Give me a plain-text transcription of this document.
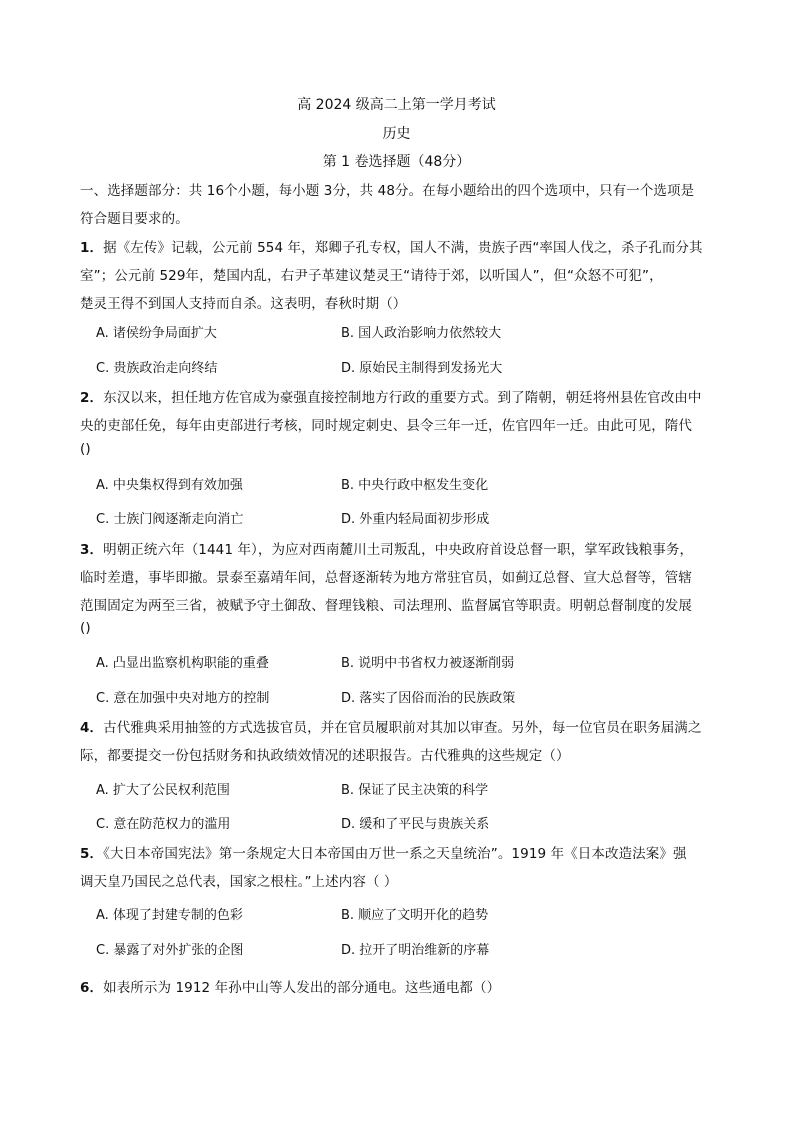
高 2024 级高二上第一学月考试
历史
第 1 卷选择题（48分）
一、选择题部分：共 16个小题，每小题 3分，共 48分。在每小题给出的四个选项中，只有一个选项是
符合题目要求的。
1．据《左传》记载，公元前 554 年，郑卿子孔专权，国人不满，贵族子西“率国人伐之，杀子孔而分其
室”；公元前 529年，楚国内乱，右尹子革建议楚灵王“请待于郊，以听国人”，但“众怒不可犯”，
楚灵王得不到国人支持而自杀。这表明，春秋时期（）
A. 诸侯纷争局面扩大	B. 国人政治影响力依然较大
C. 贵族政治走向终结	D. 原始民主制得到发扬光大
2．东汉以来，担任地方佐官成为豪强直接控制地方行政的重要方式。到了隋朝，朝廷将州县佐官改由中
央的吏部任免，每年由吏部进行考核，同时规定刺史、县令三年一迁，佐官四年一迁。由此可见，隋代
()
A. 中央集权得到有效加强	B. 中央行政中枢发生变化
C. 士族门阀逐渐走向消亡	D. 外重内轻局面初步形成
3．明朝正统六年（1441 年），为应对西南麓川土司叛乱，中央政府首设总督一职，掌军政钱粮事务，
临时差遣，事毕即撤。景泰至嘉靖年间，总督逐渐转为地方常驻官员，如蓟辽总督、宣大总督等，管辖
范围固定为两至三省，被赋予守土御敌、督理钱粮、司法理刑、监督属官等职责。明朝总督制度的发展
()
A. 凸显出监察机构职能的重叠	B. 说明中书省权力被逐渐削弱
C. 意在加强中央对地方的控制	D. 落实了因俗而治的民族政策
4．古代雅典采用抽签的方式选拔官员，并在官员履职前对其加以审查。另外，每一位官员在职务届满之
际，都要提交一份包括财务和执政绩效情况的述职报告。古代雅典的这些规定（）
A. 扩大了公民权利范围	B. 保证了民主决策的科学
C. 意在防范权力的滥用	D. 缓和了平民与贵族关系
5．《大日本帝国宪法》第一条规定大日本帝国由万世一系之天皇统治”。1919 年《日本改造法案》强
调天皇乃国民之总代表，国家之根柱。”上述内容（ ）
A. 体现了封建专制的色彩	B. 顺应了文明开化的趋势
C. 暴露了对外扩张的企图	D. 拉开了明治维新的序幕
6．如表所示为 1912 年孙中山等人发出的部分通电。这些通电都（）
